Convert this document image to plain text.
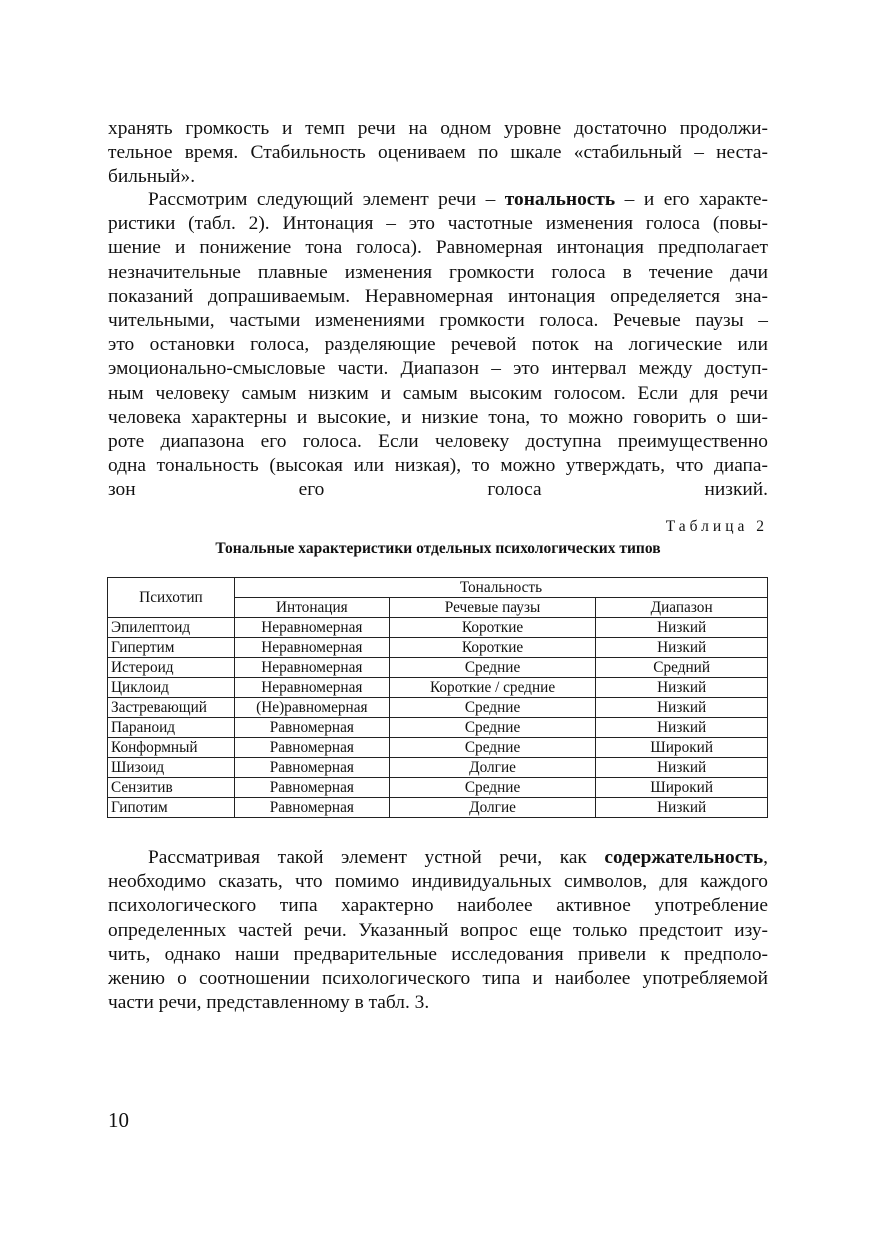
хранять громкость и темп речи на одном уровне достаточно продолжи-
тельное время. Стабильность оцениваем по шкале «стабильный – неста-
бильный».
Рассмотрим следующий элемент речи – тональность – и его характе-
ристики (табл. 2). Интонация – это частотные изменения голоса (повы-
шение и понижение тона голоса). Равномерная интонация предполагает
незначительные плавные изменения громкости голоса в течение дачи
показаний допрашиваемым. Неравномерная интонация определяется зна-
чительными, частыми изменениями громкости голоса. Речевые паузы –
это остановки голоса, разделяющие речевой поток на логические или
эмоционально-смысловые части. Диапазон – это интервал между доступ-
ным человеку самым низким и самым высоким голосом. Если для речи
человека характерны и высокие, и низкие тона, то можно говорить о ши-
роте диапазона его голоса. Если человеку доступна преимущественно
одна тональность (высокая или низкая), то можно утверждать, что диапа-
зон его голоса низкий.

Таблица 2

Тональные характеристики отдельных психологических типов

Психотип	Тональность		
	Интонация	Речевые паузы	Диапазон
Эпилептоид	Неравномерная	Короткие	Низкий
Гипертим	Неравномерная	Короткие	Низкий
Истероид	Неравномерная	Средние	Средний
Циклоид	Неравномерная	Короткие / средние	Низкий
Застревающий	(Не)равномерная	Средние	Низкий
Параноид	Равномерная	Средние	Низкий
Конформный	Равномерная	Средние	Широкий
Шизоид	Равномерная	Долгие	Низкий
Сензитив	Равномерная	Средние	Широкий
Гипотим	Равномерная	Долгие	Низкий
Рассматривая такой элемент устной речи, как содержательность,
необходимо сказать, что помимо индивидуальных символов, для каждого
психологического типа характерно наиболее активное употребление
определенных частей речи. Указанный вопрос еще только предстоит изу-
чить, однако наши предварительные исследования привели к предполо-
жению о соотношении психологического типа и наиболее употребляемой
части речи, представленному в табл. 3.

10
